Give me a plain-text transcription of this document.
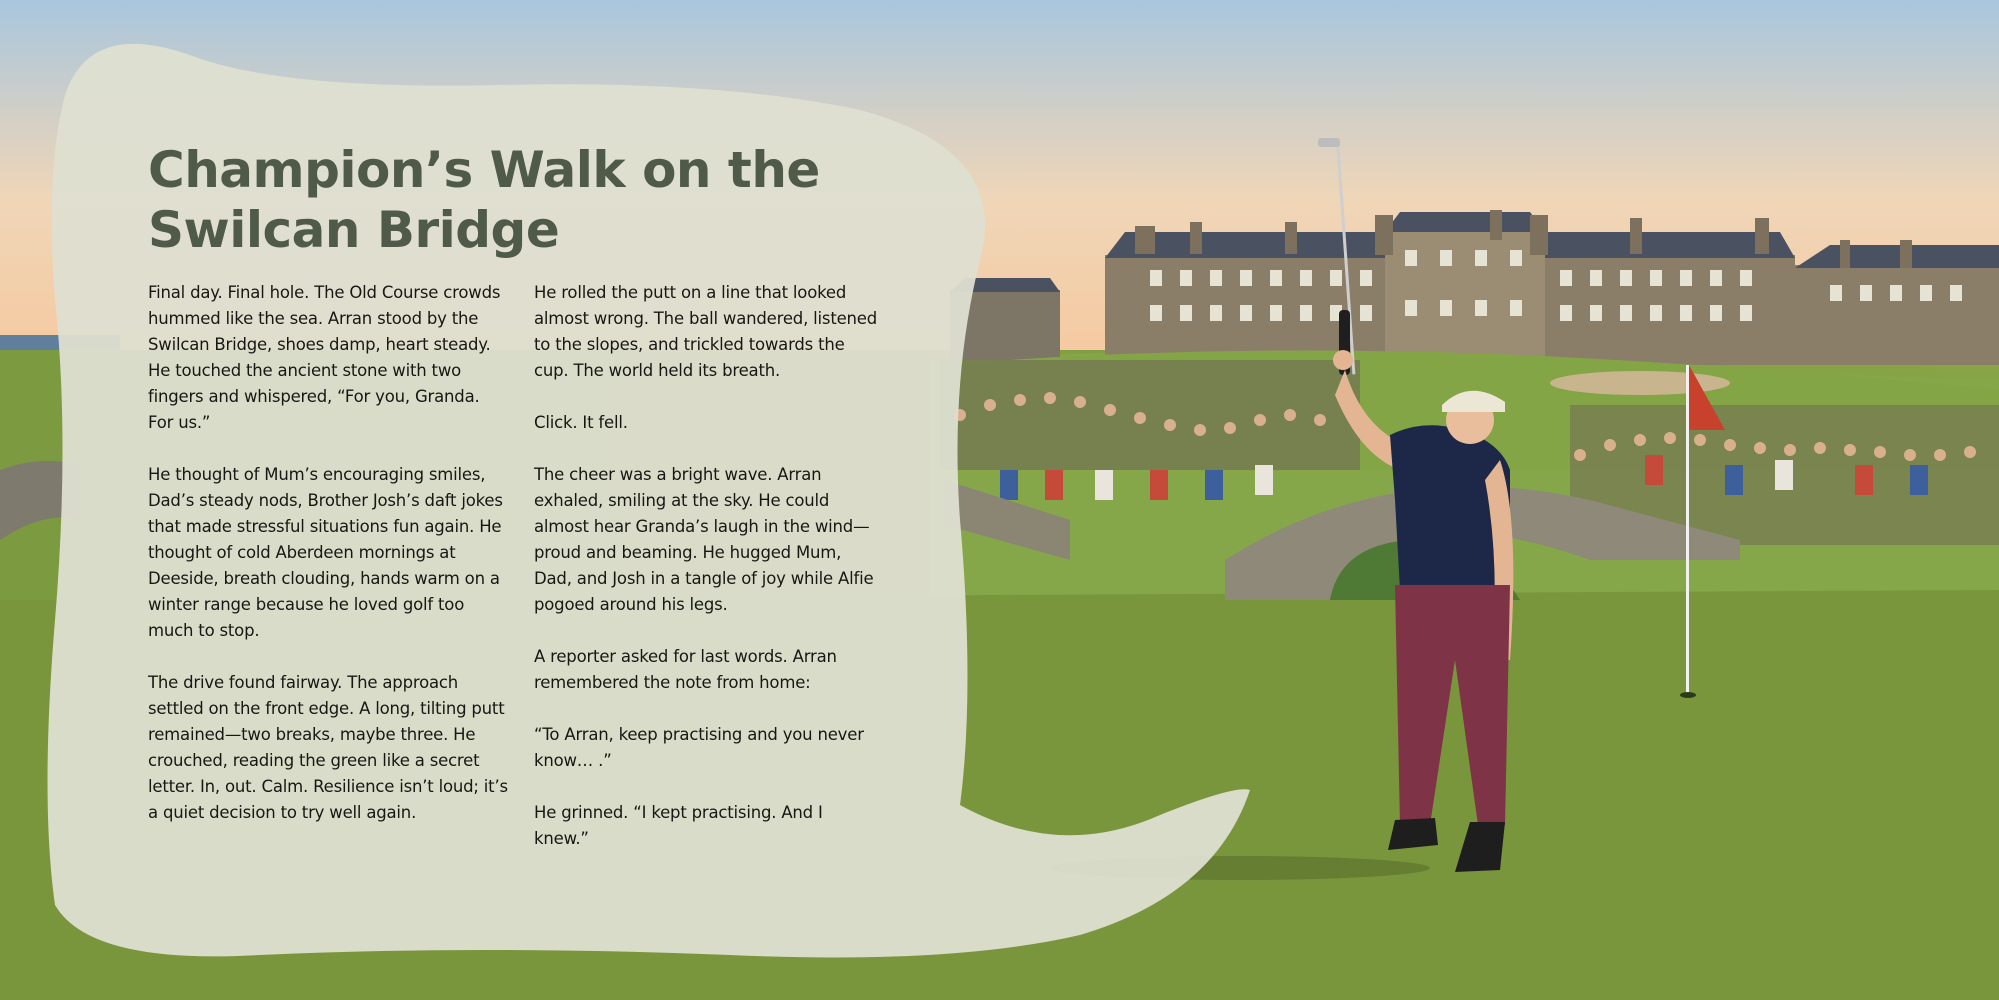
Champion’s Walk on the Swilcan Bridge

Final day. Final hole. The Old Course crowds hummed like the sea. Arran stood by the Swilcan Bridge, shoes damp, heart steady. He touched the ancient stone with two fingers and whispered, “For you, Granda. For us.”

He thought of Mum’s encouraging smiles, Dad’s steady nods, Brother Josh’s daft jokes that made stressful situations fun again. He thought of cold Aberdeen mornings at Deeside, breath clouding, hands warm on a winter range because he loved golf too much to stop.

The drive found fairway. The approach settled on the front edge. A long, tilting putt remained—two breaks, maybe three. He crouched, reading the green like a secret letter. In, out. Calm. Resilience isn’t loud; it’s a quiet decision to try well again.

He rolled the putt on a line that looked almost wrong. The ball wandered, listened to the slopes, and trickled towards the cup. The world held its breath.

Click. It fell.

The cheer was a bright wave. Arran exhaled, smiling at the sky. He could almost hear Granda’s laugh in the wind—proud and beaming. He hugged Mum, Dad, and Josh in a tangle of joy while Alfie pogoed around his legs.

A reporter asked for last words. Arran remembered the note from home:

“To Arran, keep practising and you never know… .”

He grinned. “I kept practising. And I knew.”
